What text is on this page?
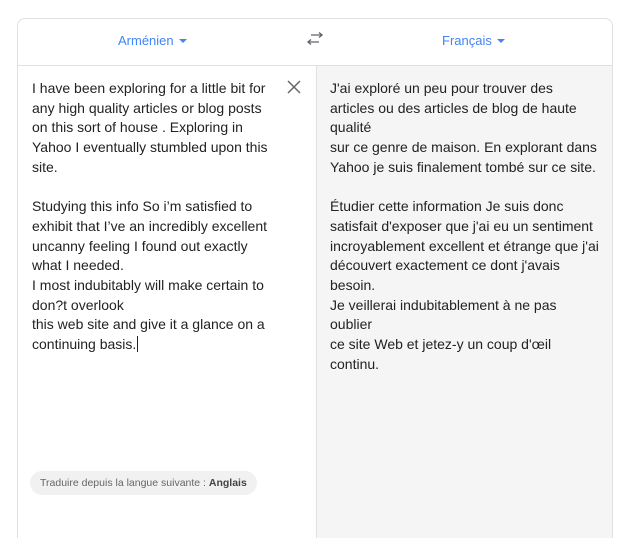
Arménien	Français
I have been exploring for a little bit for any high quality articles or blog posts
on this sort of house . Exploring in Yahoo I eventually stumbled upon this site.

Studying this info So i’m satisfied to exhibit that I’ve an incredibly excellent uncanny feeling I found out exactly what I needed.
I most indubitably will make certain to don?t overlook
this web site and give it a glance on a continuing basis.
Traduire depuis la langue suivante : Anglais
J'ai exploré un peu pour trouver des articles ou des articles de blog de haute qualité
sur ce genre de maison. En explorant dans Yahoo je suis finalement tombé sur ce site.

Étudier cette information Je suis donc satisfait d'exposer que j'ai eu un sentiment incroyablement excellent et étrange que j'ai découvert exactement ce dont j'avais besoin.
Je veillerai indubitablement à ne pas oublier
ce site Web et jetez-y un coup d'œil continu.
